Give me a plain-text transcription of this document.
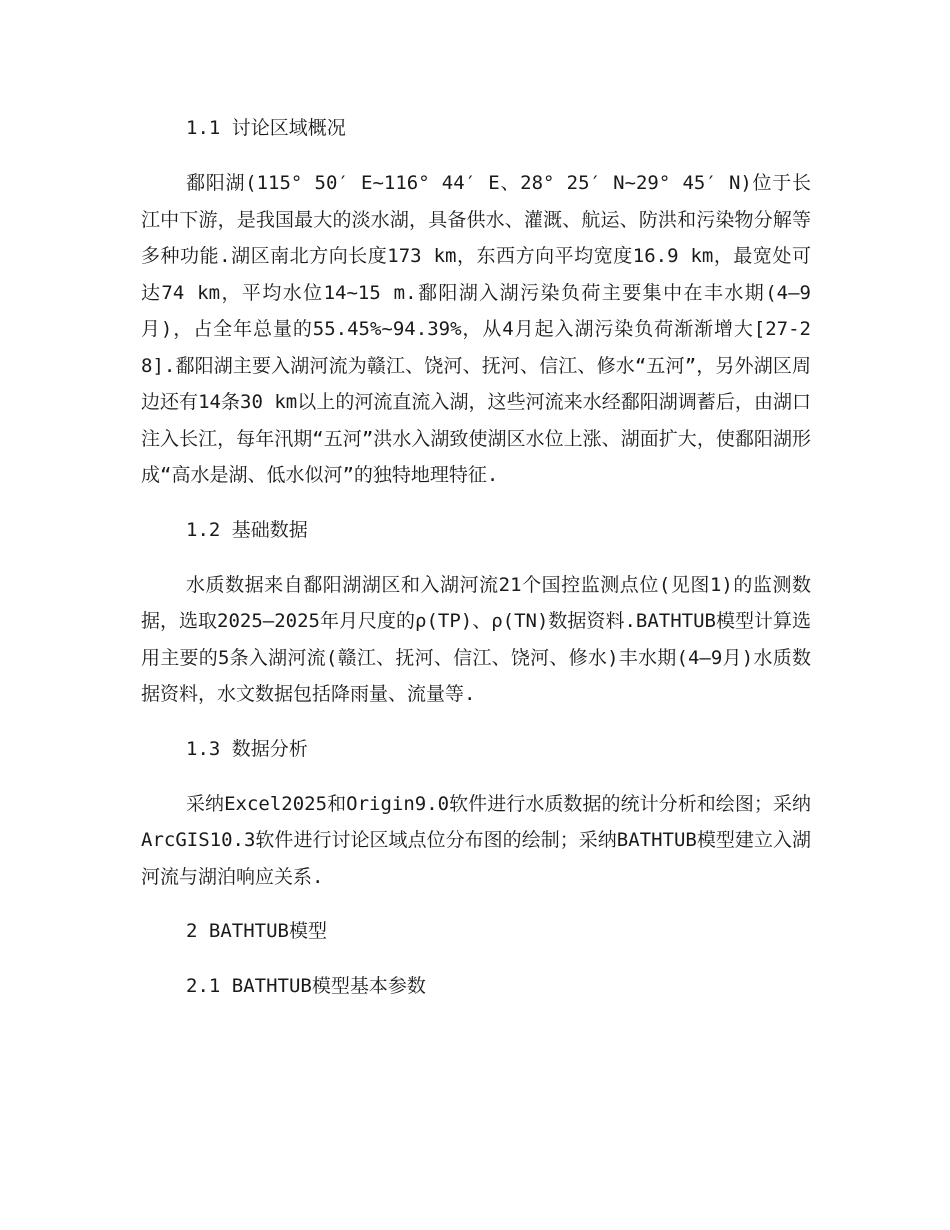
1.1 讨论区域概况

鄱阳湖(115° 50′ E~116° 44′ E、28° 25′ N~29° 45′ N)位于长江中下游，是我国最大的淡水湖，具备供水、灌溉、航运、防洪和污染物分解等多种功能.湖区南北方向长度173 km，东西方向平均宽度16.9 km，最宽处可达74 km，平均水位14~15 m.鄱阳湖入湖污染负荷主要集中在丰水期(4—9月)，占全年总量的55.45%~94.39%，从4月起入湖污染负荷渐渐增大[27-28].鄱阳湖主要入湖河流为赣江、饶河、抚河、信江、修水“五河”，另外湖区周边还有14条30 km以上的河流直流入湖，这些河流来水经鄱阳湖调蓄后，由湖口注入长江，每年汛期“五河”洪水入湖致使湖区水位上涨、湖面扩大，使鄱阳湖形成“高水是湖、低水似河”的独特地理特征.

1.2 基础数据

水质数据来自鄱阳湖湖区和入湖河流21个国控监测点位(见图1)的监测数据，选取2025—2025年月尺度的ρ(TP)、ρ(TN)数据资料.BATHTUB模型计算选用主要的5条入湖河流(赣江、抚河、信江、饶河、修水)丰水期(4—9月)水质数据资料，水文数据包括降雨量、流量等.

1.3 数据分析

采纳Excel2025和Origin9.0软件进行水质数据的统计分析和绘图；采纳ArcGIS10.3软件进行讨论区域点位分布图的绘制；采纳BATHTUB模型建立入湖河流与湖泊响应关系.

2 BATHTUB模型
2.1 BATHTUB模型基本参数
